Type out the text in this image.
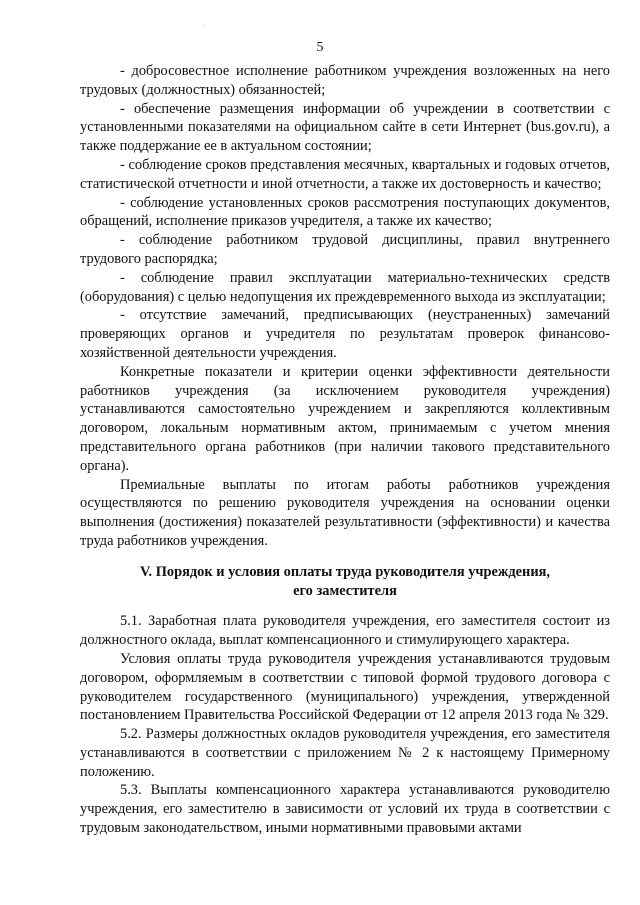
5

- добросовестное исполнение работником учреждения возложенных на него трудовых (должностных) обязанностей;

- обеспечение размещения информации об учреждении в соответствии с установленными показателями на официальном сайте в сети Интернет (bus.gov.ru), а также поддержание ее в актуальном состоянии;

- соблюдение сроков представления месячных, квартальных и годовых отчетов, статистической отчетности и иной отчетности, а также их достоверность и качество;

- соблюдение установленных сроков рассмотрения поступающих документов, обращений, исполнение приказов учредителя, а также их качество;

- соблюдение работником трудовой дисциплины, правил внутреннего трудового распорядка;

- соблюдение правил эксплуатации материально-технических средств (оборудования) с целью недопущения их преждевременного выхода из эксплуатации;

- отсутствие замечаний, предписывающих (неустраненных) замечаний проверяющих органов и учредителя по результатам проверок финансово-хозяйственной деятельности учреждения.

Конкретные показатели и критерии оценки эффективности деятельности работников учреждения (за исключением руководителя учреждения) устанавливаются самостоятельно учреждением и закрепляются коллективным договором, локальным нормативным актом, принимаемым с учетом мнения представительного органа работников (при наличии такового представительного органа).

Премиальные выплаты по итогам работы работников учреждения осуществляются по решению руководителя учреждения на основании оценки выполнения (достижения) показателей результативности (эффективности) и качества труда работников учреждения.

V. Порядок и условия оплаты труда руководителя учреждения,
его заместителя

5.1. Заработная плата руководителя учреждения, его заместителя состоит из должностного оклада, выплат компенсационного и стимулирующего характера.

Условия оплаты труда руководителя учреждения устанавливаются трудовым договором, оформляемым в соответствии с типовой формой трудового договора с руководителем государственного (муниципального) учреждения, утвержденной постановлением Правительства Российской Федерации от 12 апреля 2013 года № 329.

5.2. Размеры должностных окладов руководителя учреждения, его заместителя устанавливаются в соответствии с приложением № 2 к настоящему Примерному положению.

5.3. Выплаты компенсационного характера устанавливаются руководителю учреждения, его заместителю в зависимости от условий их труда в соответствии с трудовым законодательством, иными нормативными правовыми актами
